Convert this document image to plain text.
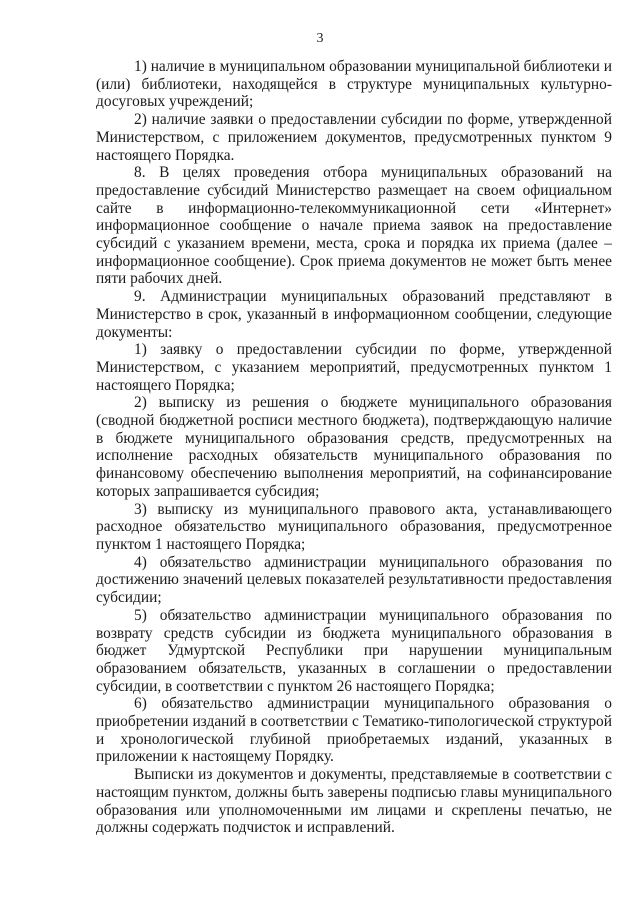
3

1) наличие в муниципальном образовании муниципальной библиотеки и (или) библиотеки, находящейся в структуре муниципальных культурно-досуговых учреждений;

2) наличие заявки о предоставлении субсидии по форме, утвержденной Министерством, с приложением документов, предусмотренных пунктом 9 настоящего Порядка.

8. В целях проведения отбора муниципальных образований на предоставление субсидий Министерство размещает на своем официальном сайте в информационно-телекоммуникационной сети «Интернет» информационное сообщение о начале приема заявок на предоставление субсидий с указанием времени, места, срока и порядка их приема (далее – информационное сообщение). Срок приема документов не может быть менее пяти рабочих дней.

9. Администрации муниципальных образований представляют в Министерство в срок, указанный в информационном сообщении, следующие документы:

1) заявку о предоставлении субсидии по форме, утвержденной Министерством, с указанием мероприятий, предусмотренных пунктом 1 настоящего Порядка;

2) выписку из решения о бюджете муниципального образования (сводной бюджетной росписи местного бюджета), подтверждающую наличие в бюджете муниципального образования средств, предусмотренных на исполнение расходных обязательств муниципального образования по финансовому обеспечению выполнения мероприятий, на софинансирование которых запрашивается субсидия;

3) выписку из муниципального правового акта, устанавливающего расходное обязательство муниципального образования, предусмотренное пунктом 1 настоящего Порядка;

4) обязательство администрации муниципального образования по достижению значений целевых показателей результативности предоставления субсидии;

5) обязательство администрации муниципального образования по возврату средств субсидии из бюджета муниципального образования в бюджет Удмуртской Республики при нарушении муниципальным образованием обязательств, указанных в соглашении о предоставлении субсидии, в соответствии с пунктом 26 настоящего Порядка;

6) обязательство администрации муниципального образования о приобретении изданий в соответствии с Тематико-типологической структурой и хронологической глубиной приобретаемых изданий, указанных в приложении к настоящему Порядку.

Выписки из документов и документы, представляемые в соответствии с настоящим пунктом, должны быть заверены подписью главы муниципального образования или уполномоченными им лицами и скреплены печатью, не должны содержать подчисток и исправлений.
